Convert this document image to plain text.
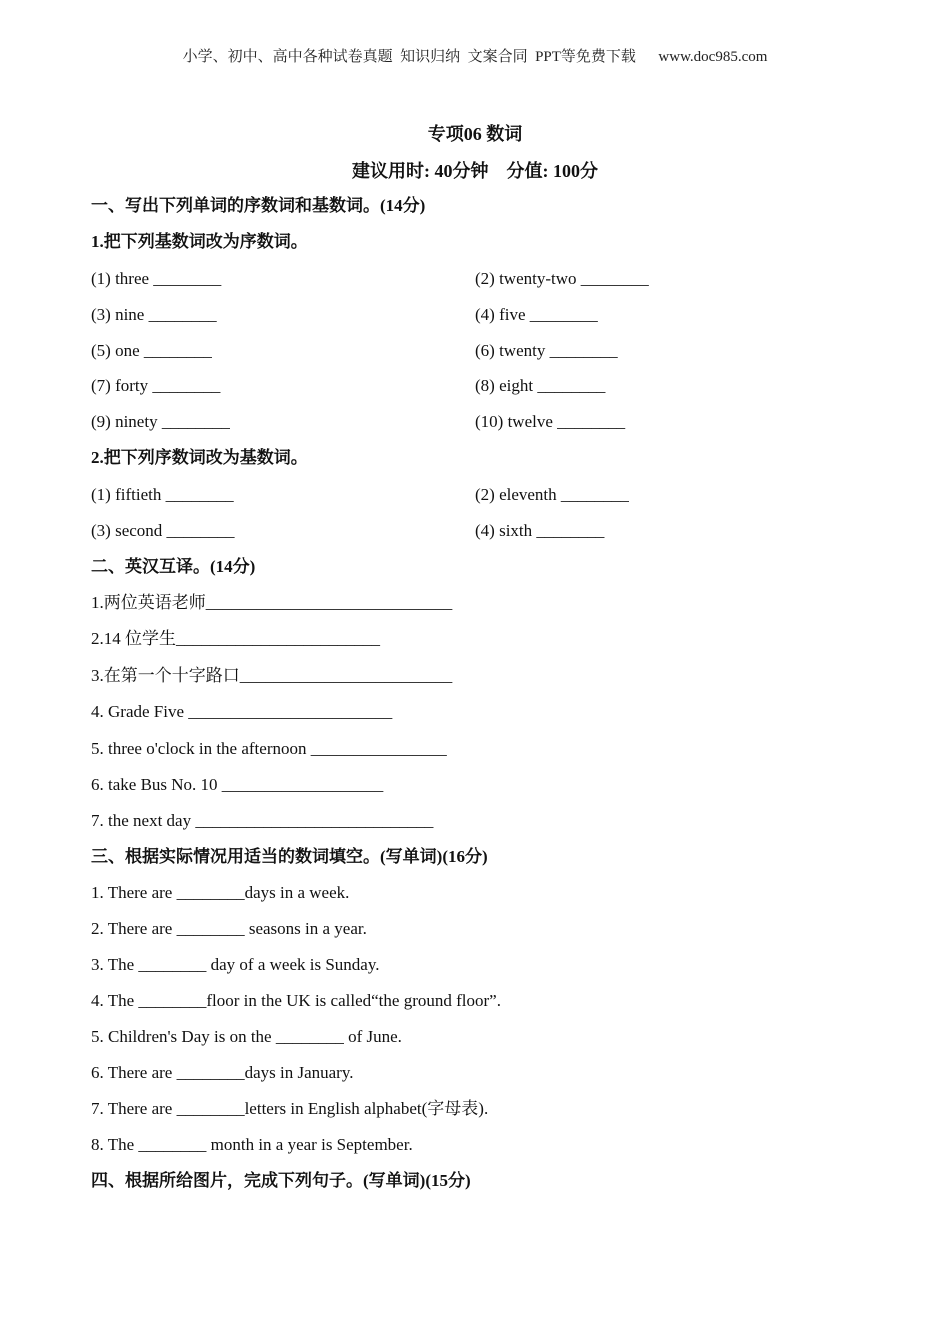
小学、初中、高中各种试卷真题  知识归纳  文案合同  PPT等免费下载      www.doc985.com
专项06 数词
建议用时: 40分钟    分值: 100分
一、写出下列单词的序数词和基数词。(14分)
1.把下列基数词改为序数词。
(1) three ________	(2) twenty-two ________
(3) nine ________	(4) five ________
(5) one ________	(6) twenty ________
(7) forty ________	(8) eight ________
(9) ninety ________	(10) twelve ________
2.把下列序数词改为基数词。
(1) fiftieth ________	(2) eleventh ________
(3) second ________	(4) sixth ________
二、英汉互译。(14分)
1.两位英语老师_____________________________
2.14 位学生________________________
3.在第一个十字路口_________________________
4. Grade Five ________________________
5. three o'clock in the afternoon ________________
6. take Bus No. 10 ___________________
7. the next day ____________________________
三、根据实际情况用适当的数词填空。(写单词)(16分)
1. There are ________days in a week.
2. There are ________ seasons in a year.
3. The ________ day of a week is Sunday.
4. The ________floor in the UK is called“the ground floor”.
5. Children's Day is on the ________ of June.
6. There are ________days in January.
7. There are ________letters in English alphabet(字母表).
8. The ________ month in a year is September.
四、根据所给图片，完成下列句子。(写单词)(15分)
